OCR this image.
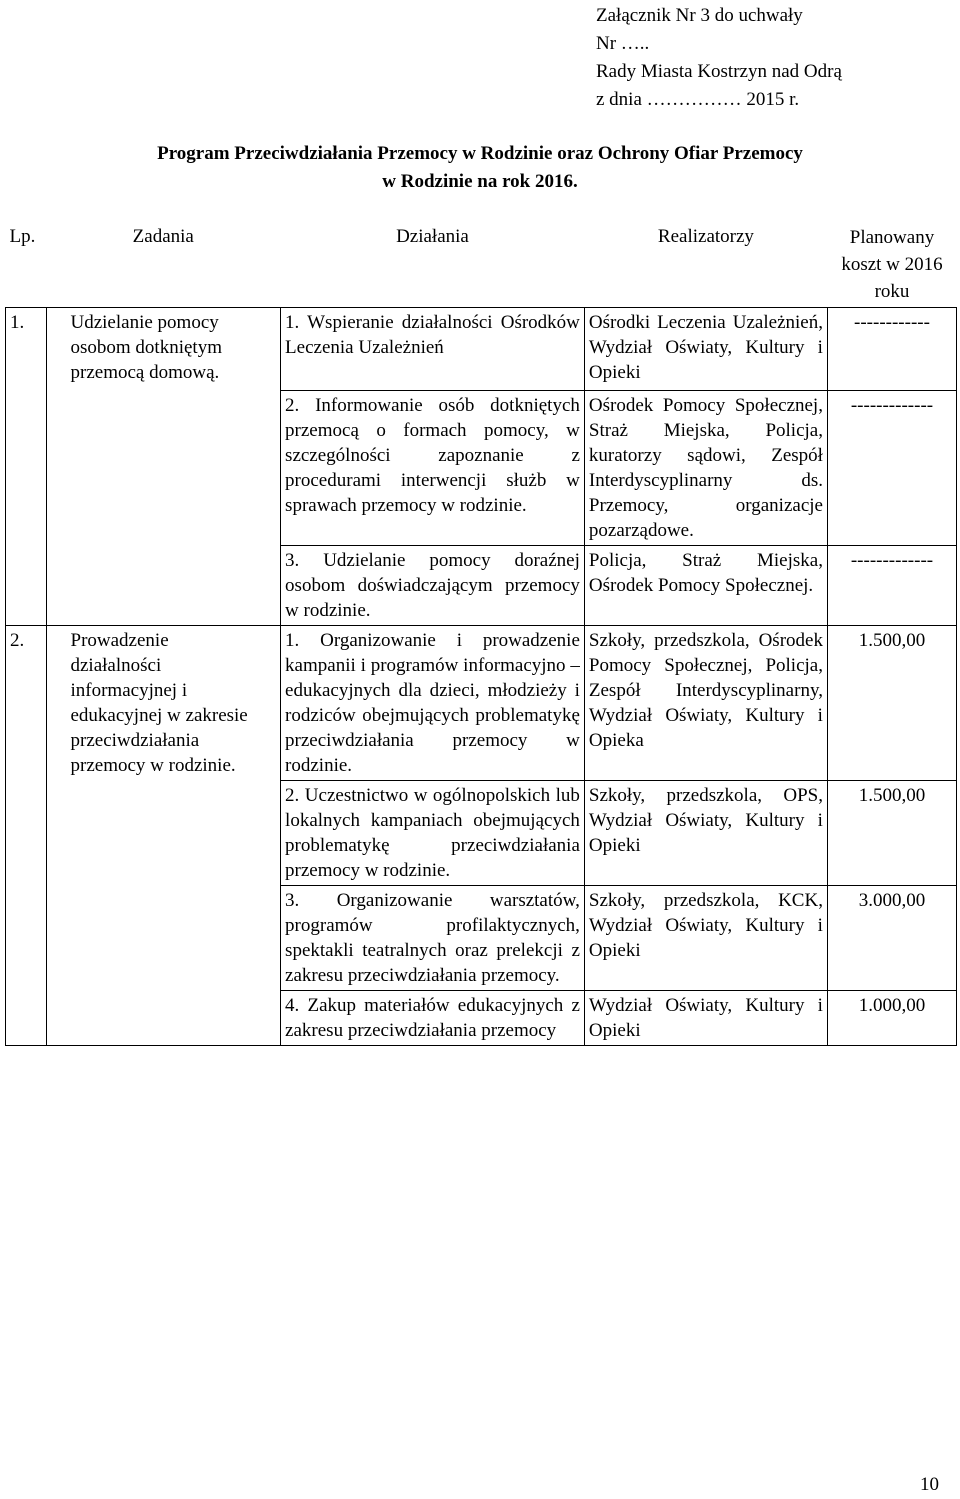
Załącznik Nr 3 do uchwały
Nr …..
Rady Miasta Kostrzyn nad Odrą
z dnia …………… 2015 r.
Program Przeciwdziałania Przemocy w Rodzinie oraz Ochrony Ofiar Przemocy
w Rodzinie na rok 2016.
Lp.	Zadania	Działania	Realizatorzy	Planowany koszt w 2016 roku
1.	Udzielanie pomocy osobom dotkniętym przemocą domową.	1. Wspieranie działalności Ośrodków Leczenia Uzależnień	Ośrodki Leczenia Uzależnień, Wydział Oświaty, Kultury i Opieki	------------
		2. Informowanie osób dotkniętych przemocą o formach pomocy, w szczególności zapoznanie z procedurami interwencji służb w sprawach przemocy w rodzinie.	Ośrodek Pomocy Społecznej, Straż Miejska, Policja, kuratorzy sądowi, Zespół Interdyscyplinarny ds. Przemocy, organizacje pozarządowe.	-------------
		3. Udzielanie pomocy doraźnej osobom doświadczającym przemocy w rodzinie.	Policja, Straż Miejska, Ośrodek Pomocy Społecznej.	-------------
2.	Prowadzenie działalności informacyjnej i edukacyjnej w zakresie przeciwdziałania przemocy w rodzinie.	1. Organizowanie i prowadzenie kampanii i programów informacyjno – edukacyjnych dla dzieci, młodzieży i rodziców obejmujących problematykę przeciwdziałania przemocy w rodzinie.	Szkoły, przedszkola, Ośrodek Pomocy Społecznej, Policja, Zespół Interdyscyplinarny, Wydział Oświaty, Kultury i Opieka	1.500,00
		2. Uczestnictwo w ogólnopolskich lub lokalnych kampaniach obejmujących problematykę przeciwdziałania przemocy w rodzinie.	Szkoły, przedszkola, OPS, Wydział Oświaty, Kultury i Opieki	1.500,00
		3. Organizowanie warsztatów, programów profilaktycznych, spektakli teatralnych oraz prelekcji z zakresu przeciwdziałania przemocy.	Szkoły, przedszkola, KCK, Wydział Oświaty, Kultury i Opieki	3.000,00
		4. Zakup materiałów edukacyjnych z zakresu przeciwdziałania przemocy	Wydział Oświaty, Kultury i Opieki	1.000,00
10
